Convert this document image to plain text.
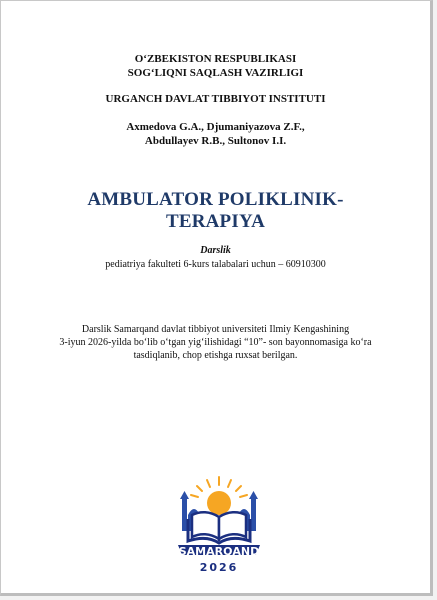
O‘ZBEKISTON RESPUBLIKASI
SOG‘LIQNI SAQLASH VAZIRLIGI
URGANCH DAVLAT TIBBIYOT INSTITUTI
Axmedova G.A., Djumaniyazova Z.F.,
Abdullayev R.B., Sultonov I.I.
AMBULATOR POLIKLINIK-
TERAPIYA
Darslik
pediatriya fakulteti 6-kurs talabalari uchun – 60910300
Darslik Samarqand davlat tibbiyot universiteti Ilmiy Kengashining
3-iyun 2026-yilda bo‘lib o‘tgan yig‘ilishidagi “10”- son bayonnomasiga ko‘ra
tasdiqlanib, chop etishga ruxsat berilgan.
SAMARQAND
2026
